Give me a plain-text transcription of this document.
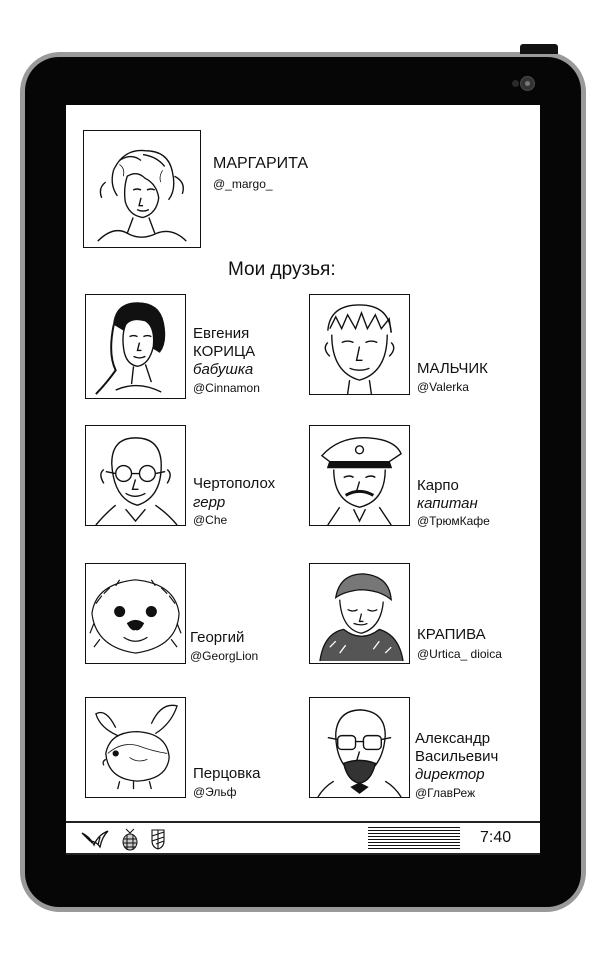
МАРГАРИТА
@_margo_
Мои друзья:
Евгения
КОРИЦА
бабушка
@Cinnamon
МАЛЬЧИК
@Valerka
Чертополох
герр
@Che
Карпо
капитан
@ТрюмКафе
Георгий
@GeorgLion
КРАПИВА
@Urtica_ dioica
Перцовка
@Эльф
Александр
Васильевич
директор
@ГлавРеж
7:40
